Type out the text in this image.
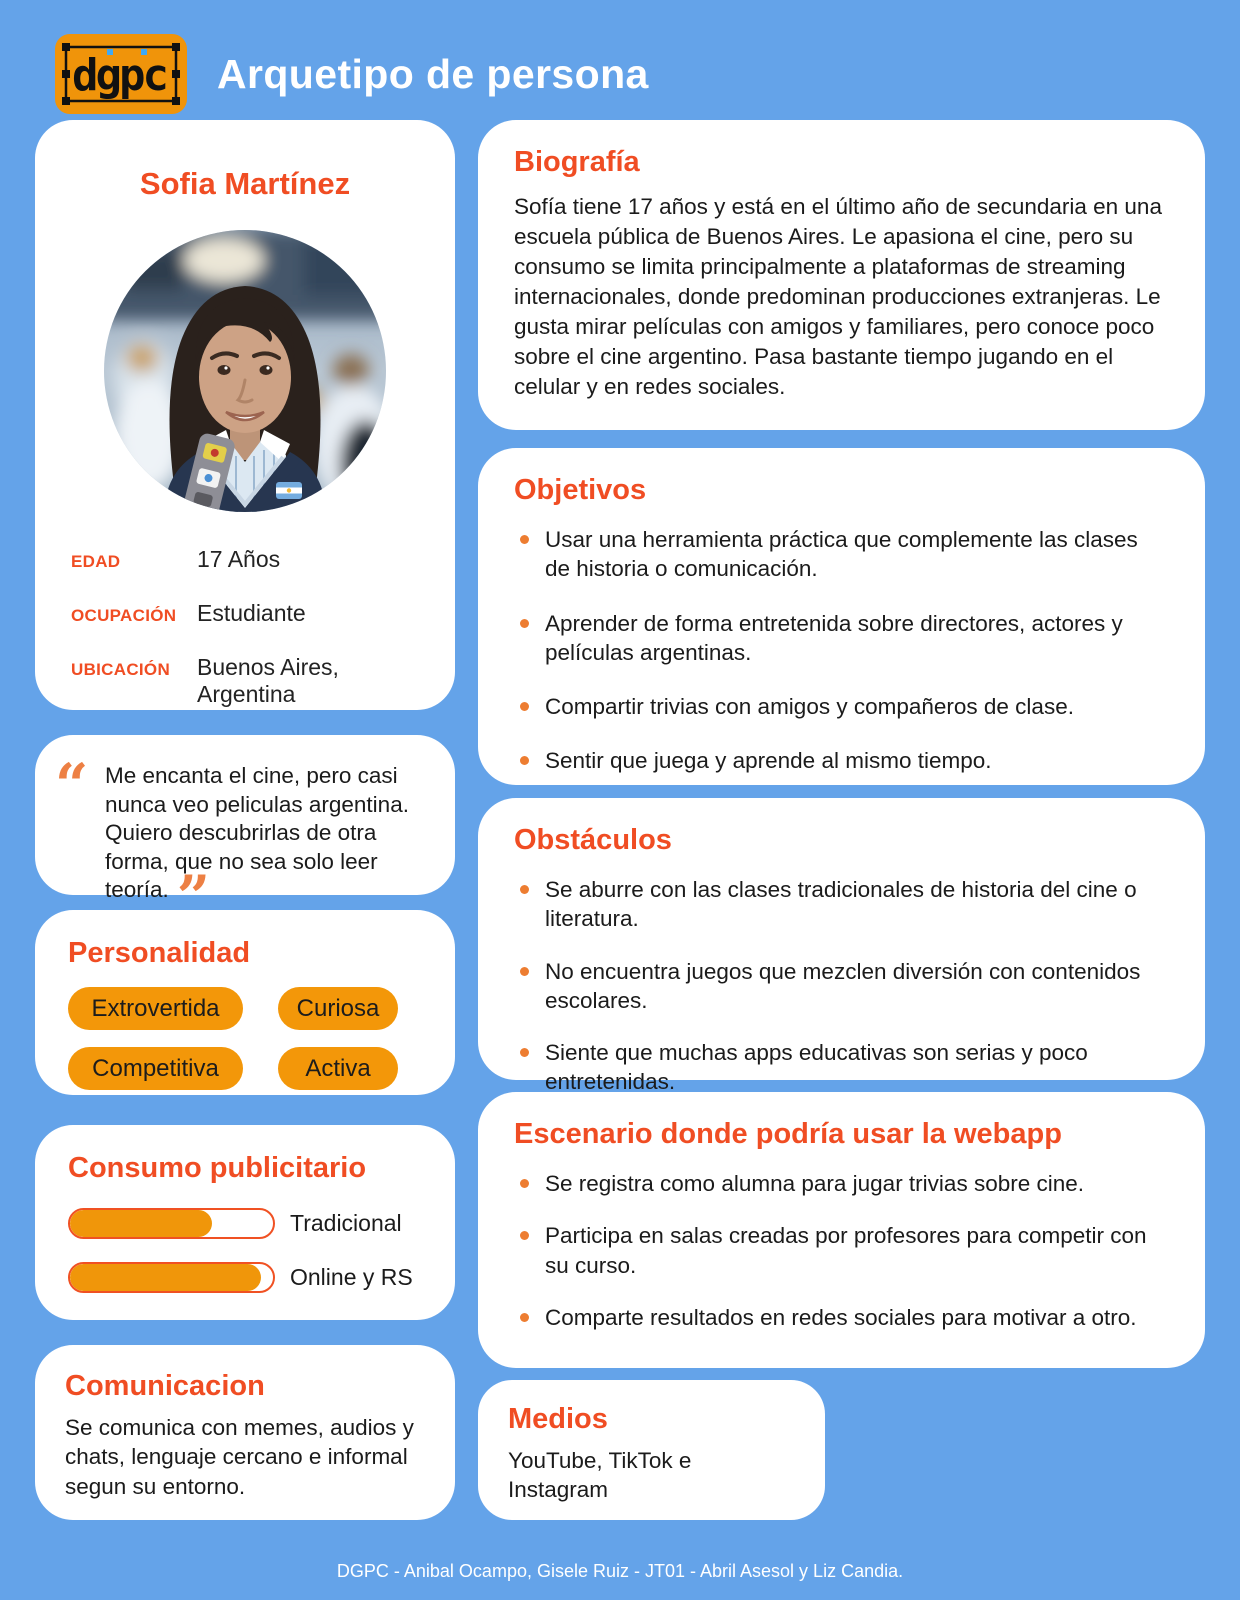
dgpc Arquetipo de persona
Sofia Martínez
EDAD	17 Años
OCUPACIÓN Estudiante
UBICACIÓN	Buenos Aires, Argentina
“ Me encanta el cine, pero casi nunca veo peliculas argentina. Quiero descubrirlas de otra forma, que no sea solo leer teoría. ”

Personalidad
Extrovertida	Curiosa
Competitiva	Activa
Consumo publicitario
Tradicional
Online y RS
Comunicacion

Se comunica con memes, audios y chats, lenguaje cercano e informal segun su entorno.

Biografía

Sofía tiene 17 años y está en el último año de secundaria en una escuela pública de Buenos Aires. Le apasiona el cine, pero su consumo se limita principalmente a plataformas de streaming internacionales, donde predominan producciones extranjeras. Le gusta mirar películas con amigos y familiares, pero conoce poco sobre el cine argentino. Pasa bastante tiempo jugando en el celular y en redes sociales.

Objetivos
Usar una herramienta práctica que complemente las clases de historia o comunicación.
Aprender de forma entretenida sobre directores, actores y películas argentinas.
Compartir trivias con amigos y compañeros de clase.
Sentir que juega y aprende al mismo tiempo.
Obstáculos
Se aburre con las clases tradicionales de historia del cine o literatura.
No encuentra juegos que mezclen diversión con contenidos escolares.
Siente que muchas apps educativas son serias y poco entretenidas.
Escenario donde podría usar la webapp
Se registra como alumna para jugar trivias sobre cine.
Participa en salas creadas por profesores para competir con su curso.
Comparte resultados en redes sociales para motivar a otro.
Medios

YouTube, TikTok e Instagram

DGPC - Anibal Ocampo, Gisele Ruiz - JT01 - Abril Asesol y Liz Candia.
